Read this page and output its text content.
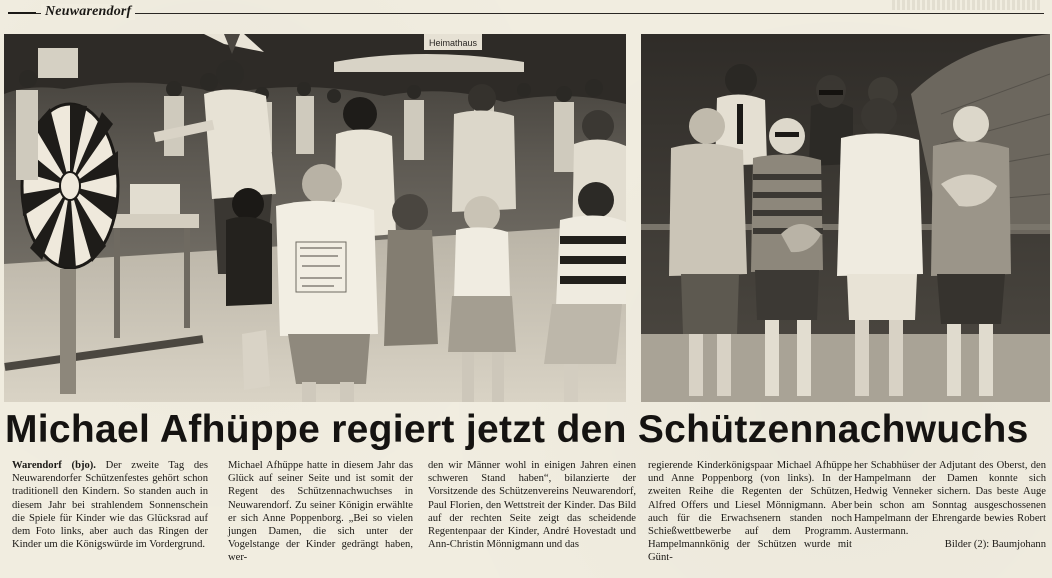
Neuwarendorf
Heimathaus
Michael Afhüppe regiert jetzt den Schützennachwuchs

Warendorf (bjo). Der zweite Tag des Neuwarendorfer Schützenfestes gehört schon traditionell den Kindern. So standen auch in diesem Jahr bei strahlendem Sonnenschein die Spiele für Kinder wie das Glücksrad auf dem Foto links, aber auch das Ringen der Kinder um die Königswürde im Vordergrund.

Michael Afhüppe hatte in diesem Jahr das Glück auf seiner Seite und ist somit der Regent des Schützennachwuchses in Neuwarendorf. Zu seiner Königin erwählte er sich Anne Poppenborg. „Bei so vielen jungen Damen, die sich unter der Vogelstange der Kinder gedrängt haben, wer-

den wir Männer wohl in einigen Jahren einen schweren Stand haben“, bilanzierte der Vorsitzende des Schützenvereins Neuwarendorf, Paul Florien, den Wettstreit der Kinder. Das Bild auf der rechten Seite zeigt das scheidende Regentenpaar der Kinder, André Hovestadt und Ann-Christin Mönnigmann und das

regierende Kinderkönigspaar Michael Afhüppe und Anne Poppenborg (von links). In der zweiten Reihe die Regenten der Schützen, Alfred Offers und Liesel Mönnigmann. Aber auch für die Erwachsenern standen noch Schießwettbewerbe auf dem Programm. Hampelmannkönig der Schützen wurde mit Günt-

her Schabhüser der Adjutant des Oberst, den Hampelmann der Damen konnte sich Hedwig Venneker sichern. Das beste Auge bein schon am Sonntag ausgeschossenen Hampelmann der Ehrengarde bewies Robert Austermann.

Bilder (2): Baumjohann
